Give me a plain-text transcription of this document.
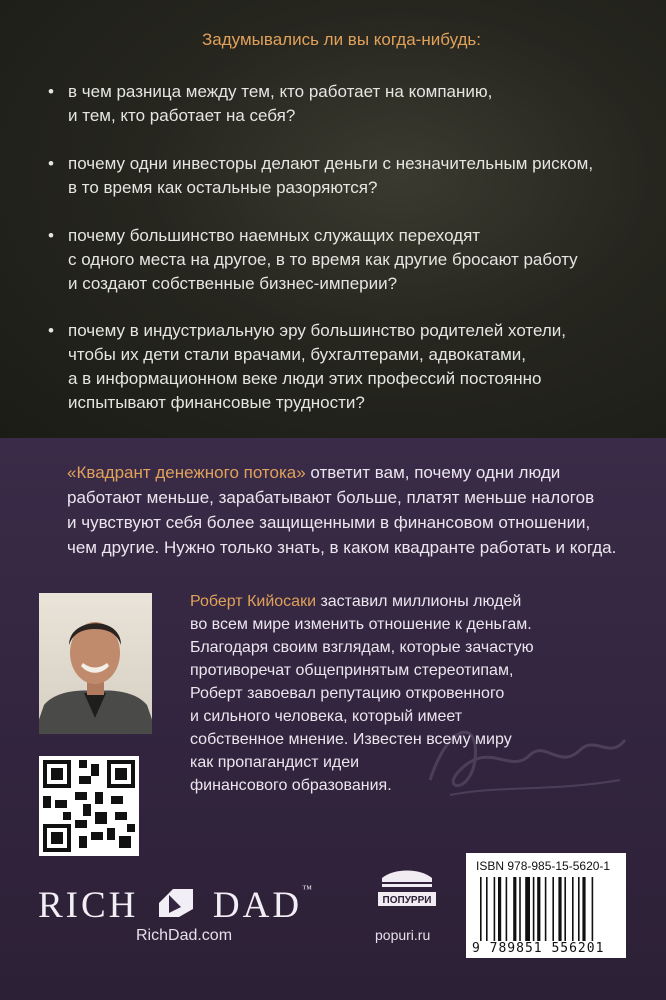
Задумывались ли вы когда-нибудь:
• в чем разница между тем, кто работает на компанию,
и тем, кто работает на себя?
• почему одни инвесторы делают деньги с незначительным риском,
в то время как остальные разоряются?
• почему большинство наемных служащих переходят
с одного места на другое, в то время как другие бросают работу
и создают собственные бизнес-империи?
• почему в индустриальную эру большинство родителей хотели,
чтобы их дети стали врачами, бухгалтерами, адвокатами,
а в информационном веке люди этих профессий постоянно
испытывают финансовые трудности?
«Квадрант денежного потока» ответит вам, почему одни люди
работают меньше, зарабатывают больше, платят меньше налогов
и чувствуют себя более защищенными в финансовом отношении,
чем другие. Нужно только знать, в каком квадранте работать и когда.
Роберт Кийосаки заставил миллионы людей
во всем мире изменить отношение к деньгам.
Благодаря своим взглядам, которые зачастую
противоречат общепринятым стереотипам,
Роберт завоевал репутацию откровенного
и сильного человека, который имеет
собственное мнение. Известен всему миру
как пропагандист идеи
финансового образования.
RICH DAD™
RichDad.com
ПОПУРРИ
popuri.ru
ISBN 978-985-15-5620-1
9 789851 556201
